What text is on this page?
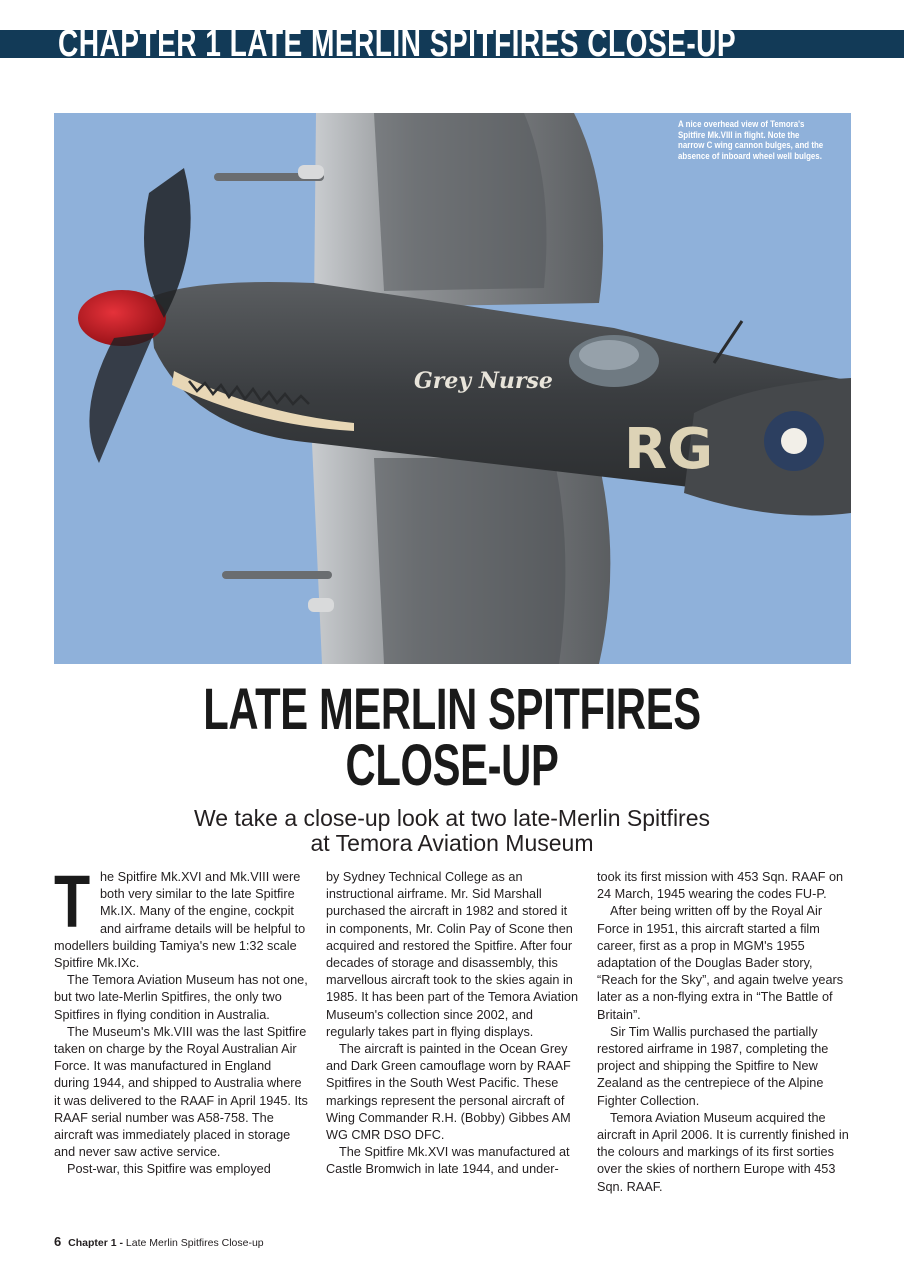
CHAPTER 1 LATE MERLIN SPITFIRES CLOSE-UP
Grey Nurse
RG
A nice overhead view of Temora's Spitfire Mk.VIII in flight. Note the narrow C wing cannon bulges, and the absence of inboard wheel well bulges.
LATE MERLIN SPITFIRES
CLOSE-UP

We take a close-up look at two late-Merlin Spitfires
at Temora Aviation Museum

T he Spitfire Mk.XVI and Mk.VIII were both very similar to the late Spitfire Mk.IX. Many of the engine, cockpit and airframe details will be helpful to modellers building Tamiya's new 1:32 scale Spitfire Mk.IXc.

The Temora Aviation Museum has not one, but two late-Merlin Spitfires, the only two Spitfires in flying condition in Australia.

The Museum's Mk.VIII was the last Spitfire taken on charge by the Royal Australian Air Force. It was manufactured in England during 1944, and shipped to Australia where it was delivered to the RAAF in April 1945. Its RAAF serial number was A58-758. The aircraft was immediately placed in storage and never saw active service.

Post-war, this Spitfire was employed

by Sydney Technical College as an instructional airframe. Mr. Sid Marshall purchased the aircraft in 1982 and stored it in components, Mr. Colin Pay of Scone then acquired and restored the Spitfire. After four decades of storage and disassembly, this marvellous aircraft took to the skies again in 1985. It has been part of the Temora Aviation Museum's collection since 2002, and regularly takes part in flying displays.

The aircraft is painted in the Ocean Grey and Dark Green camouflage worn by RAAF Spitfires in the South West Pacific. These markings represent the personal aircraft of Wing Commander R.H. (Bobby) Gibbes AM WG CMR DSO DFC.

The Spitfire Mk.XVI was manufactured at Castle Bromwich in late 1944, and under-

took its first mission with 453 Sqn. RAAF on 24 March, 1945 wearing the codes FU-P.

After being written off by the Royal Air Force in 1951, this aircraft started a film career, first as a prop in MGM's 1955 adaptation of the Douglas Bader story, “Reach for the Sky”, and again twelve years later as a non-flying extra in “The Battle of Britain”.

Sir Tim Wallis purchased the partially restored airframe in 1987, completing the project and shipping the Spitfire to New Zealand as the centrepiece of the Alpine Fighter Collection.

Temora Aviation Museum acquired the aircraft in April 2006. It is currently finished in the colours and markings of its first sorties over the skies of northern Europe with 453 Sqn. RAAF.

6 Chapter 1 - Late Merlin Spitfires Close-up
